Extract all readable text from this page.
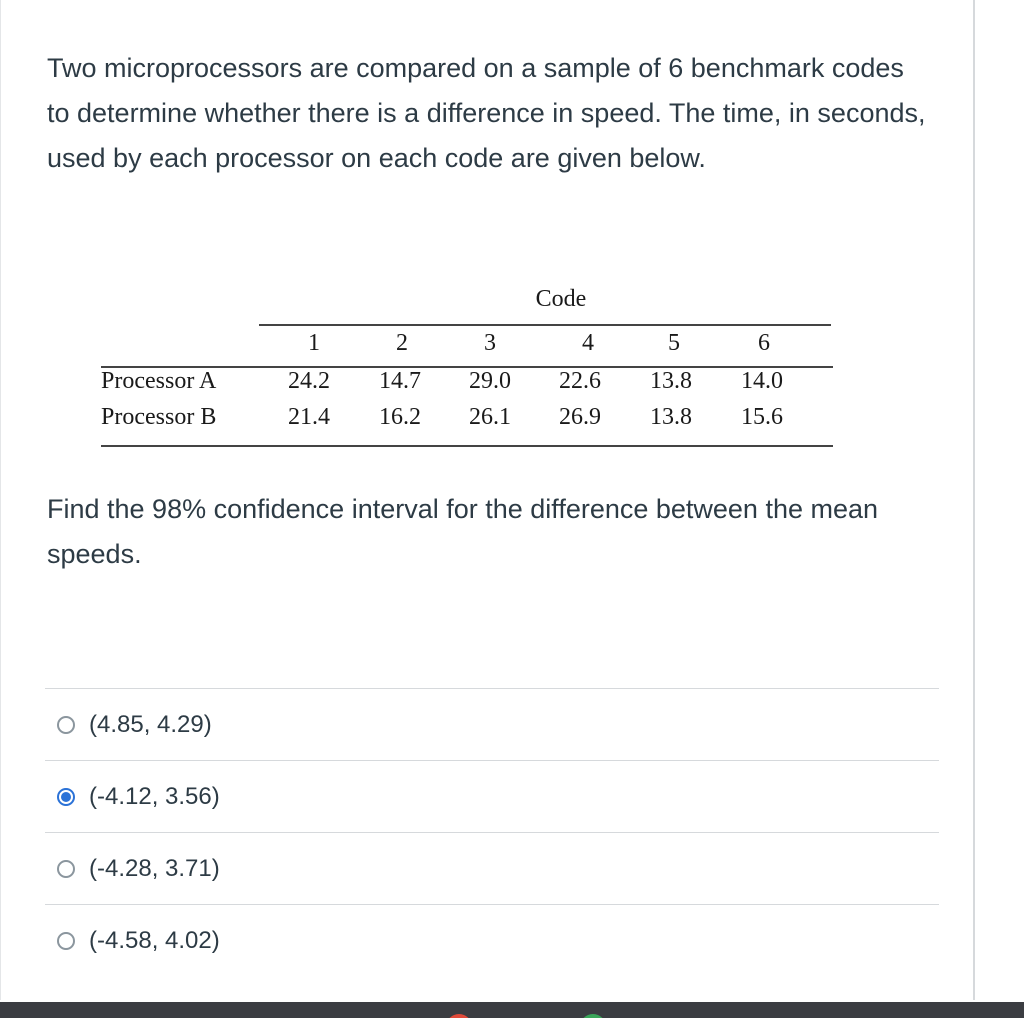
Two microprocessors are compared on a sample of 6 benchmark codes to determine whether there is a difference in speed. The time, in seconds, used by each processor on each code are given below.

Code
1	2	3	4	5	6
Processor A	24.2	14.7	29.0	22.6	13.8	14.0
Processor B	21.4	16.2	26.1	26.9	13.8	15.6

Find the 98% confidence interval for the difference between the mean speeds.

(4.85, 4.29)
(-4.12, 3.56)
(-4.28, 3.71)
(-4.58, 4.02)
